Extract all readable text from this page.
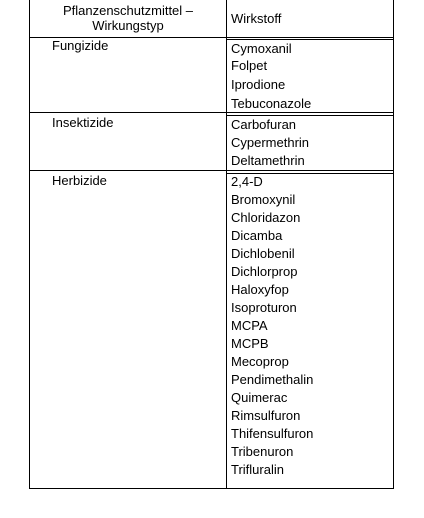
Pflanzenschutzmittel –
Wirkungstyp	Wirkstoff
Fungizide	Cymoxanil
Folpet
Iprodione
Tebuconazole
Insektizide	Carbofuran
Cypermethrin
Deltamethrin
Herbizide	2,4-D
Bromoxynil
Chloridazon
Dicamba
Dichlobenil
Dichlorprop
Haloxyfop
Isoproturon
MCPA
MCPB
Mecoprop
Pendimethalin
Quimerac
Rimsulfuron
Thifensulfuron
Tribenuron
Trifluralin
